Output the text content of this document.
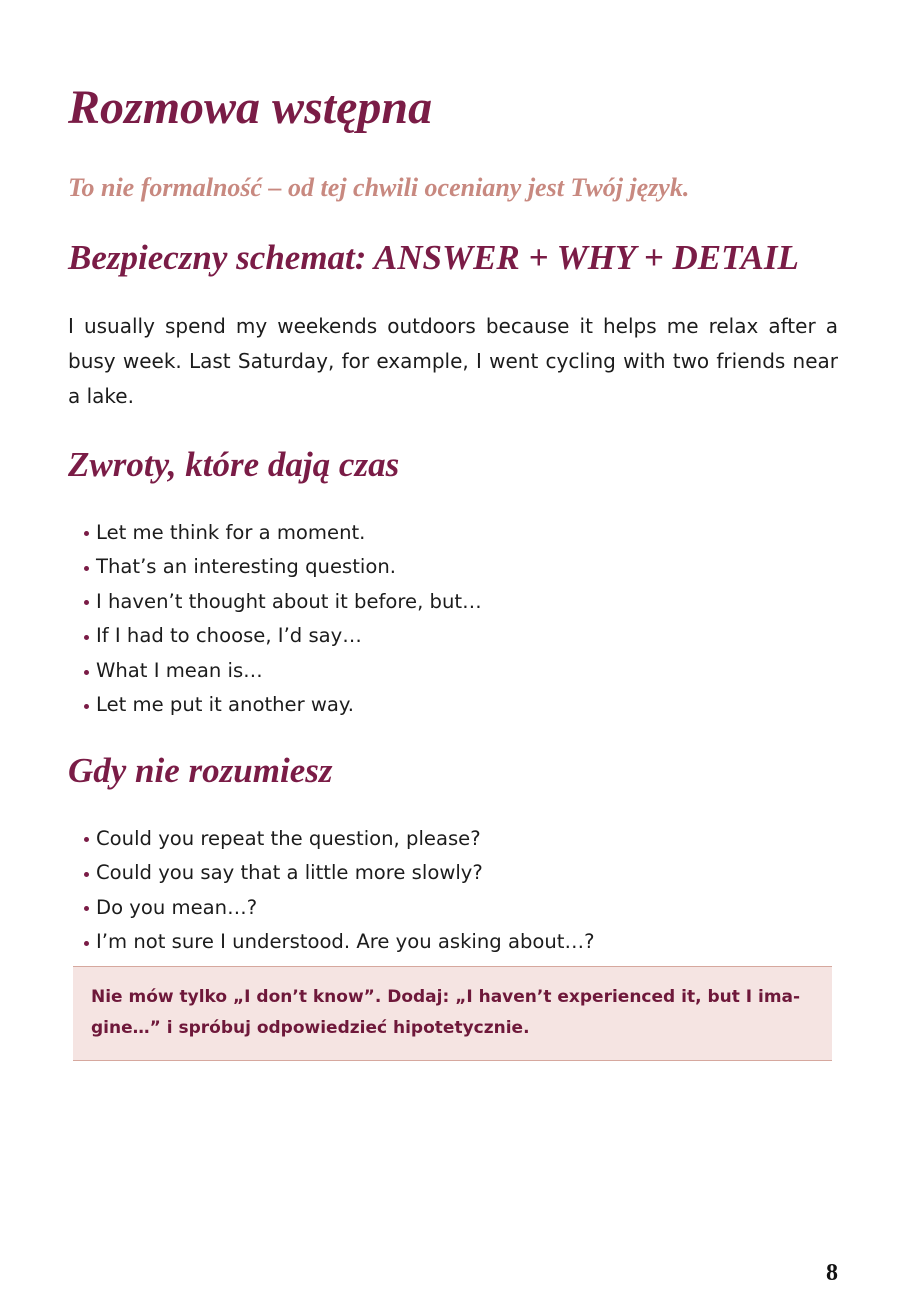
Rozmowa wstępna

To nie formalność – od tej chwili oceniany jest Twój język.

Bezpieczny schemat: ANSWER + WHY + DETAIL

I usually spend my weekends outdoors because it helps me relax after a busy week. Last Saturday, for example, I went cycling with two friends near a lake.

Zwroty, które dają czas
Let me think for a moment.
That’s an interesting question.
I haven’t thought about it before, but…
If I had to choose, I’d say…
What I mean is…
Let me put it another way.
Gdy nie rozumiesz
Could you repeat the question, please?
Could you say that a little more slowly?
Do you mean…?
I’m not sure I understood. Are you asking about…?
Nie mów tylko „I don’t know”. Dodaj: „I haven’t experienced it, but I ima-
gine…” i spróbuj odpowiedzieć hipotetycznie.
8
